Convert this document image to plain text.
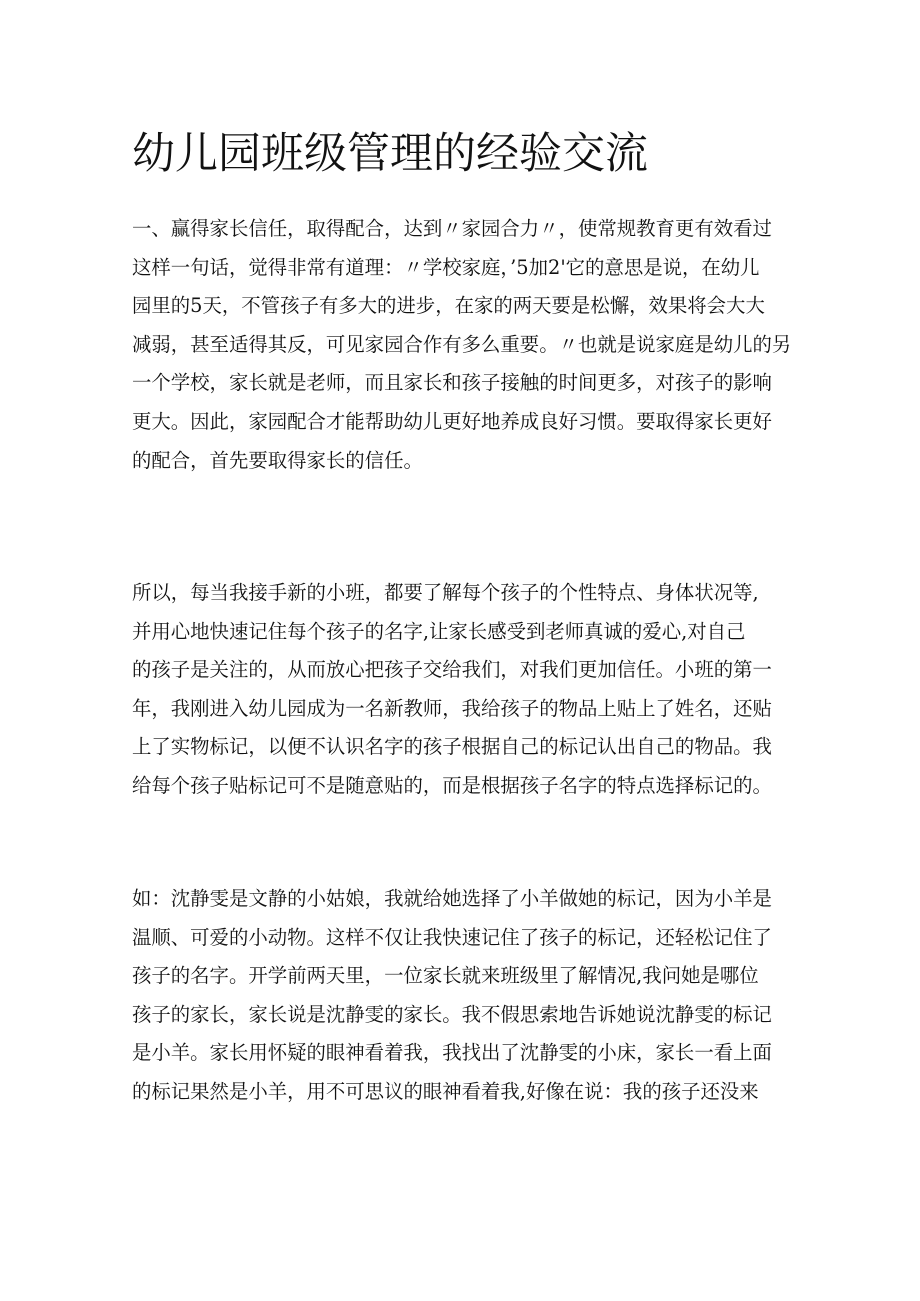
幼儿园班级管理的经验交流
一、赢得家长信任，取得配合，达到〃家园合力〃，使常规教育更有效看过
这样一句话，觉得非常有道理：〃学校家庭，’5加2'它的意思是说，在幼儿
园里的5天，不管孩子有多大的进步，在家的两天要是松懈，效果将会大大
减弱，甚至适得其反，可见家园合作有多么重要。〃也就是说家庭是幼儿的另
一个学校，家长就是老师，而且家长和孩子接触的时间更多，对孩子的影响
更大。因此，家园配合才能帮助幼儿更好地养成良好习惯。要取得家长更好
的配合，首先要取得家长的信任。
所以，每当我接手新的小班，都要了解每个孩子的个性特点、身体状况等,
并用心地快速记住每个孩子的名字,让家长感受到老师真诚的爱心,对自己
的孩子是关注的，从而放心把孩子交给我们，对我们更加信任。小班的第一
年，我刚进入幼儿园成为一名新教师，我给孩子的物品上贴上了姓名，还贴
上了实物标记，以便不认识名字的孩子根据自己的标记认出自己的物品。我
给每个孩子贴标记可不是随意贴的，而是根据孩子名字的特点选择标记的。
如：沈静雯是文静的小姑娘，我就给她选择了小羊做她的标记，因为小羊是
温顺、可爱的小动物。这样不仅让我快速记住了孩子的标记，还轻松记住了
孩子的名字。开学前两天里，一位家长就来班级里了解情况,我问她是哪位
孩子的家长，家长说是沈静雯的家长。我不假思索地告诉她说沈静雯的标记
是小羊。家长用怀疑的眼神看着我，我找出了沈静雯的小床，家长一看上面
的标记果然是小羊，用不可思议的眼神看着我,好像在说：我的孩子还没来
